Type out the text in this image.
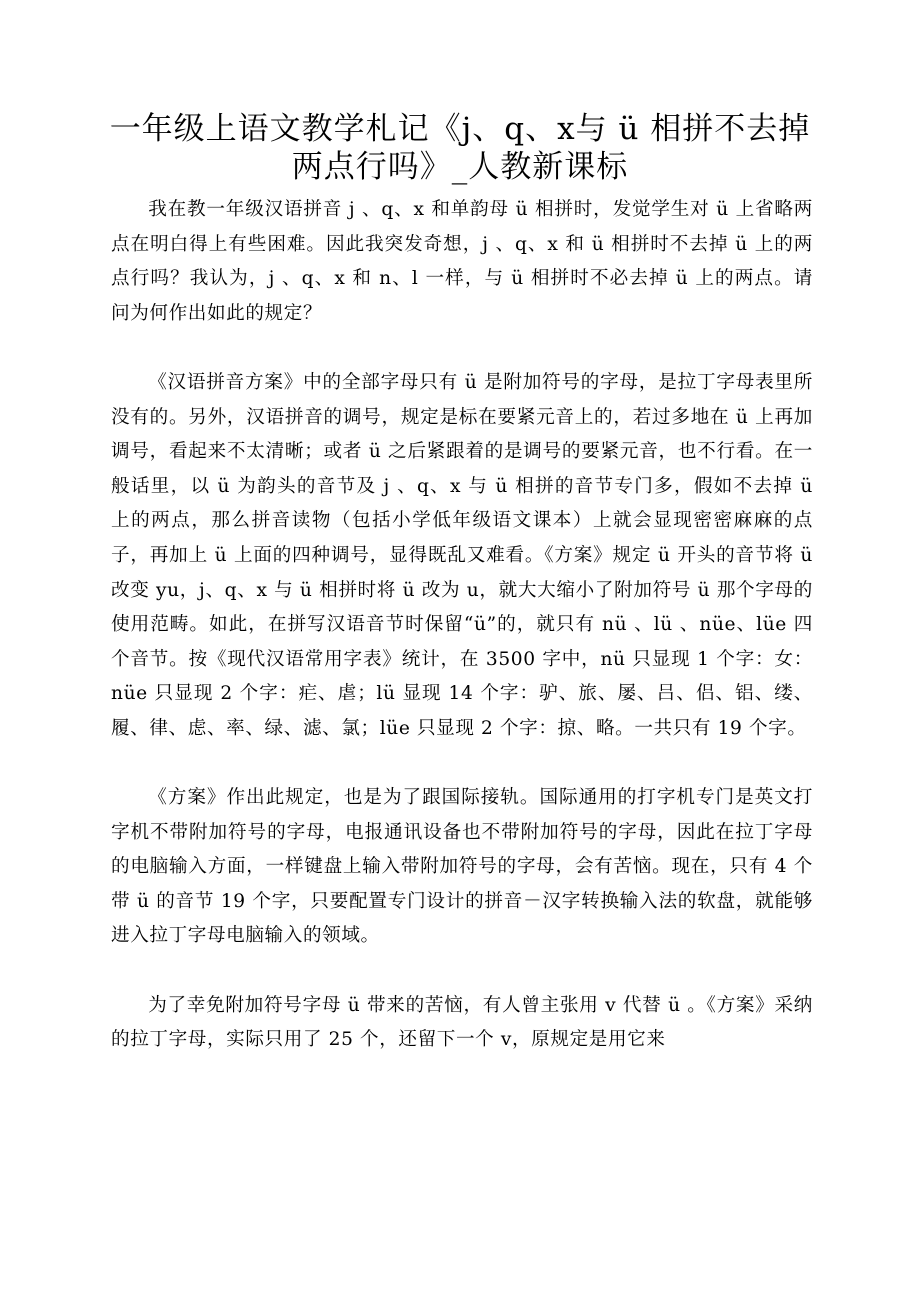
一年级上语文教学札记《j、q、x与 ü 相拼不去掉两点行吗》_人教新课标

我在教一年级汉语拼音 j 、q、x 和单韵母 ü 相拼时，发觉学生对 ü 上省略两点在明白得上有些困难。因此我突发奇想，j 、q、x 和 ü 相拼时不去掉 ü 上的两点行吗？我认为，j 、q、x 和 n、l 一样，与 ü 相拼时不必去掉 ü 上的两点。请问为何作出如此的规定？

《汉语拼音方案》中的全部字母只有 ü 是附加符号的字母，是拉丁字母表里所没有的。另外，汉语拼音的调号，规定是标在要紧元音上的，若过多地在 ü 上再加调号，看起来不太清晰；或者 ü 之后紧跟着的是调号的要紧元音，也不行看。在一般话里，以 ü 为韵头的音节及 j 、q、x 与 ü 相拼的音节专门多，假如不去掉 ü 上的两点，那么拼音读物（包括小学低年级语文课本）上就会显现密密麻麻的点子，再加上 ü 上面的四种调号，显得既乱又难看。《方案》规定 ü 开头的音节将 ü 改变 yu，j、q、x 与 ü 相拼时将 ü 改为 u，就大大缩小了附加符号 ü 那个字母的使用范畴。如此，在拼写汉语音节时保留“ü”的，就只有 nü 、lü 、nüe、lüe 四个音节。按《现代汉语常用字表》统计，在 3500 字中，nü 只显现 1 个字：女：nüe 只显现 2 个字：疟、虐；lü 显现 14 个字：驴、旅、屡、吕、侣、铝、缕、履、律、虑、率、绿、滤、氯；lüe 只显现 2 个字：掠、略。一共只有 19 个字。

《方案》作出此规定，也是为了跟国际接轨。国际通用的打字机专门是英文打字机不带附加符号的字母，电报通讯设备也不带附加符号的字母，因此在拉丁字母的电脑输入方面，一样键盘上输入带附加符号的字母，会有苦恼。现在，只有 4 个带 ü 的音节 19 个字，只要配置专门设计的拼音－汉字转换输入法的软盘，就能够进入拉丁字母电脑输入的领域。

为了幸免附加符号字母 ü 带来的苦恼，有人曾主张用 v 代替 ü 。《方案》采纳的拉丁字母，实际只用了 25 个，还留下一个 v，原规定是用它来
